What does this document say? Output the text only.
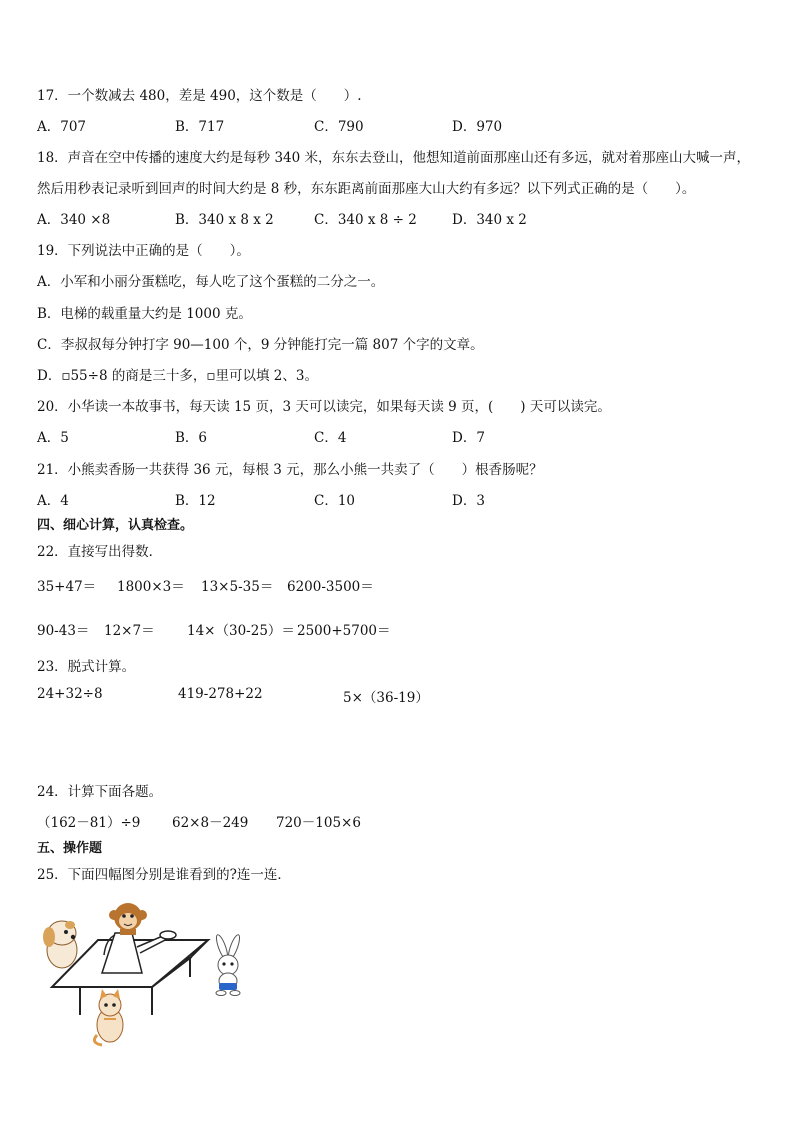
17．一个数减去 480，差是 490，这个数是（　　）.
A．707	B．717	C．790	D．970
18．声音在空中传播的速度大约是每秒 340 米，东东去登山，他想知道前面那座山还有多远，就对着那座山大喊一声，
然后用秒表记录听到回声的时间大约是 8 秒，东东距离前面那座大山大约有多远？以下列式正确的是（　　）。
A．340 ×8	B．340 x 8 x 2	C．340 x 8 ÷ 2	D．340 x 2
19．下列说法中正确的是（　　）。
A．小军和小丽分蛋糕吃，每人吃了这个蛋糕的二分之一。
B．电梯的载重量大约是 1000 克。
C．李叔叔每分钟打字 90—100 个，9 分钟能打完一篇 807 个字的文章。
D．▫55÷8 的商是三十多，▫里可以填 2、3。
20．小华读一本故事书，每天读 15 页，3 天可以读完，如果每天读 9 页，(　　) 天可以读完。
A．5	B．6	C．4	D．7
21．小熊卖香肠一共获得 36 元，每根 3 元，那么小熊一共卖了（　　）根香肠呢？
A．4	B．12	C．10	D．3
四、细心计算，认真检查。
22．直接写出得数．
35+47＝ 1800×3＝ 13×5-35＝ 6200-3500＝
90-43＝ 12×7＝ 14×（30-25）＝ 2500+5700＝
23．脱式计算。
24+32÷8	419-278+22	5×（36-19）
24．计算下面各题。
（162－81）÷9 62×8－249 720－105×6
五、操作题
25．下面四幅图分别是谁看到的?连一连．
